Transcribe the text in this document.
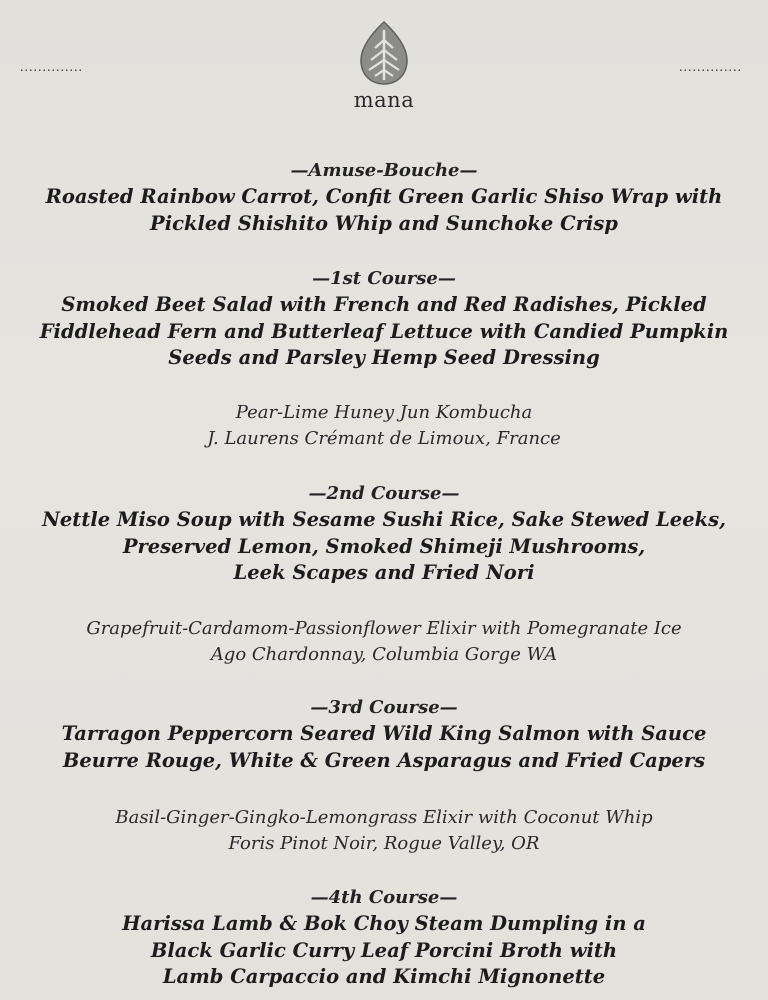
..............	..............
mana
—Amuse-Bouche—
Roasted Rainbow Carrot, Confit Green Garlic Shiso Wrap with
Pickled Shishito Whip and Sunchoke Crisp
—1st Course—
Smoked Beet Salad with French and Red Radishes, Pickled
Fiddlehead Fern and Butterleaf Lettuce with Candied Pumpkin
Seeds and Parsley Hemp Seed Dressing
Pear-Lime Huney Jun Kombucha
J. Laurens Crémant de Limoux, France
—2nd Course—
Nettle Miso Soup with Sesame Sushi Rice, Sake Stewed Leeks,
Preserved Lemon, Smoked Shimeji Mushrooms,
Leek Scapes and Fried Nori
Grapefruit-Cardamom-Passionflower Elixir with Pomegranate Ice
Ago Chardonnay, Columbia Gorge WA
—3rd Course—
Tarragon Peppercorn Seared Wild King Salmon with Sauce
Beurre Rouge, White & Green Asparagus and Fried Capers
Basil-Ginger-Gingko-Lemongrass Elixir with Coconut Whip
Foris Pinot Noir, Rogue Valley, OR
—4th Course—
Harissa Lamb & Bok Choy Steam Dumpling in a
Black Garlic Curry Leaf Porcini Broth with
Lamb Carpaccio and Kimchi Mignonette
